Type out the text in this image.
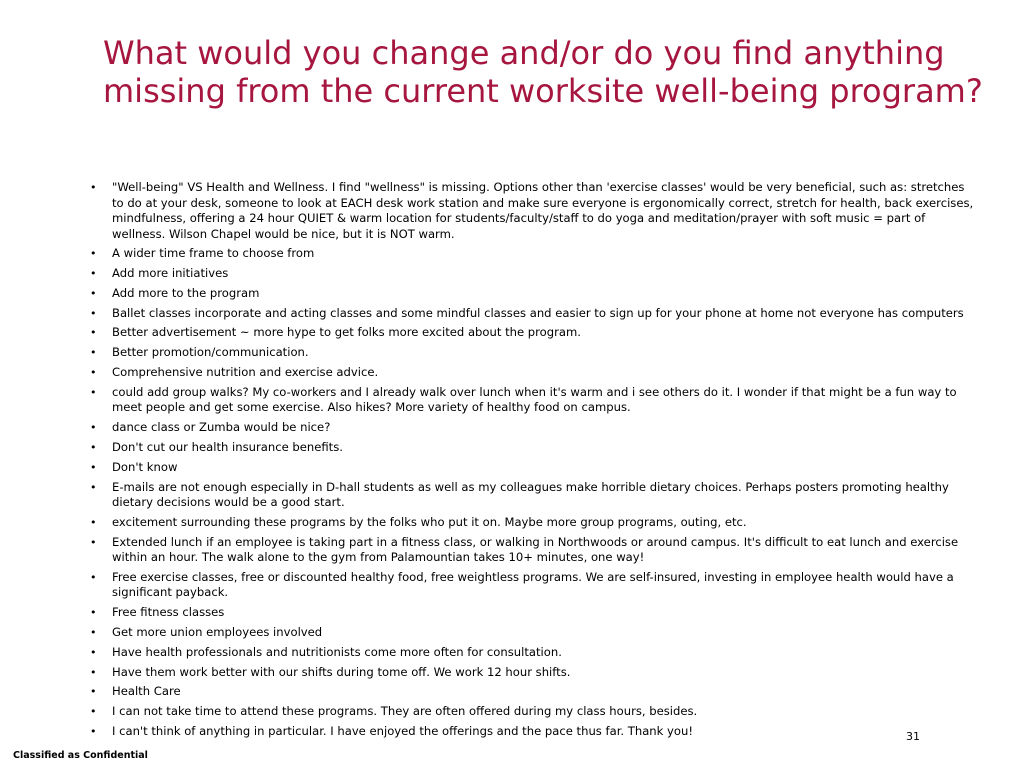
What would you change and/or do you find anything missing from the current worksite well-being program?
• "Well-being" VS Health and Wellness. I find "wellness" is missing. Options other than 'exercise classes' would be very beneficial, such as: stretches to do at your desk, someone to look at EACH desk work station and make sure everyone is ergonomically correct, stretch for health, back exercises, mindfulness, offering a 24 hour QUIET & warm location for students/faculty/staff to do yoga and meditation/prayer with soft music = part of wellness. Wilson Chapel would be nice, but it is NOT warm.
• A wider time frame to choose from
• Add more initiatives
• Add more to the program
• Ballet classes incorporate and acting classes and some mindful classes and easier to sign up for your phone at home not everyone has computers
• Better advertisement ~ more hype to get folks more excited about the program.
• Better promotion/communication.
• Comprehensive nutrition and exercise advice.
• could add group walks? My co-workers and I already walk over lunch when it's warm and i see others do it. I wonder if that might be a fun way to meet people and get some exercise. Also hikes? More variety of healthy food on campus.
• dance class or Zumba would be nice?
• Don't cut our health insurance benefits.
• Don't know
• E-mails are not enough especially in D-hall students as well as my colleagues make horrible dietary choices. Perhaps posters promoting healthy dietary decisions would be a good start.
• excitement surrounding these programs by the folks who put it on. Maybe more group programs, outing, etc.
• Extended lunch if an employee is taking part in a fitness class, or walking in Northwoods or around campus. It's difficult to eat lunch and exercise within an hour. The walk alone to the gym from Palamountian takes 10+ minutes, one way!
• Free exercise classes, free or discounted healthy food, free weightless programs. We are self-insured, investing in employee health would have a significant payback.
• Free fitness classes
• Get more union employees involved
• Have health professionals and nutritionists come more often for consultation.
• Have them work better with our shifts during tome off. We work 12 hour shifts.
• Health Care
• I can not take time to attend these programs. They are often offered during my class hours, besides.
• I can't think of anything in particular. I have enjoyed the offerings and the pace thus far. Thank you!	31
Classified as Confidential
